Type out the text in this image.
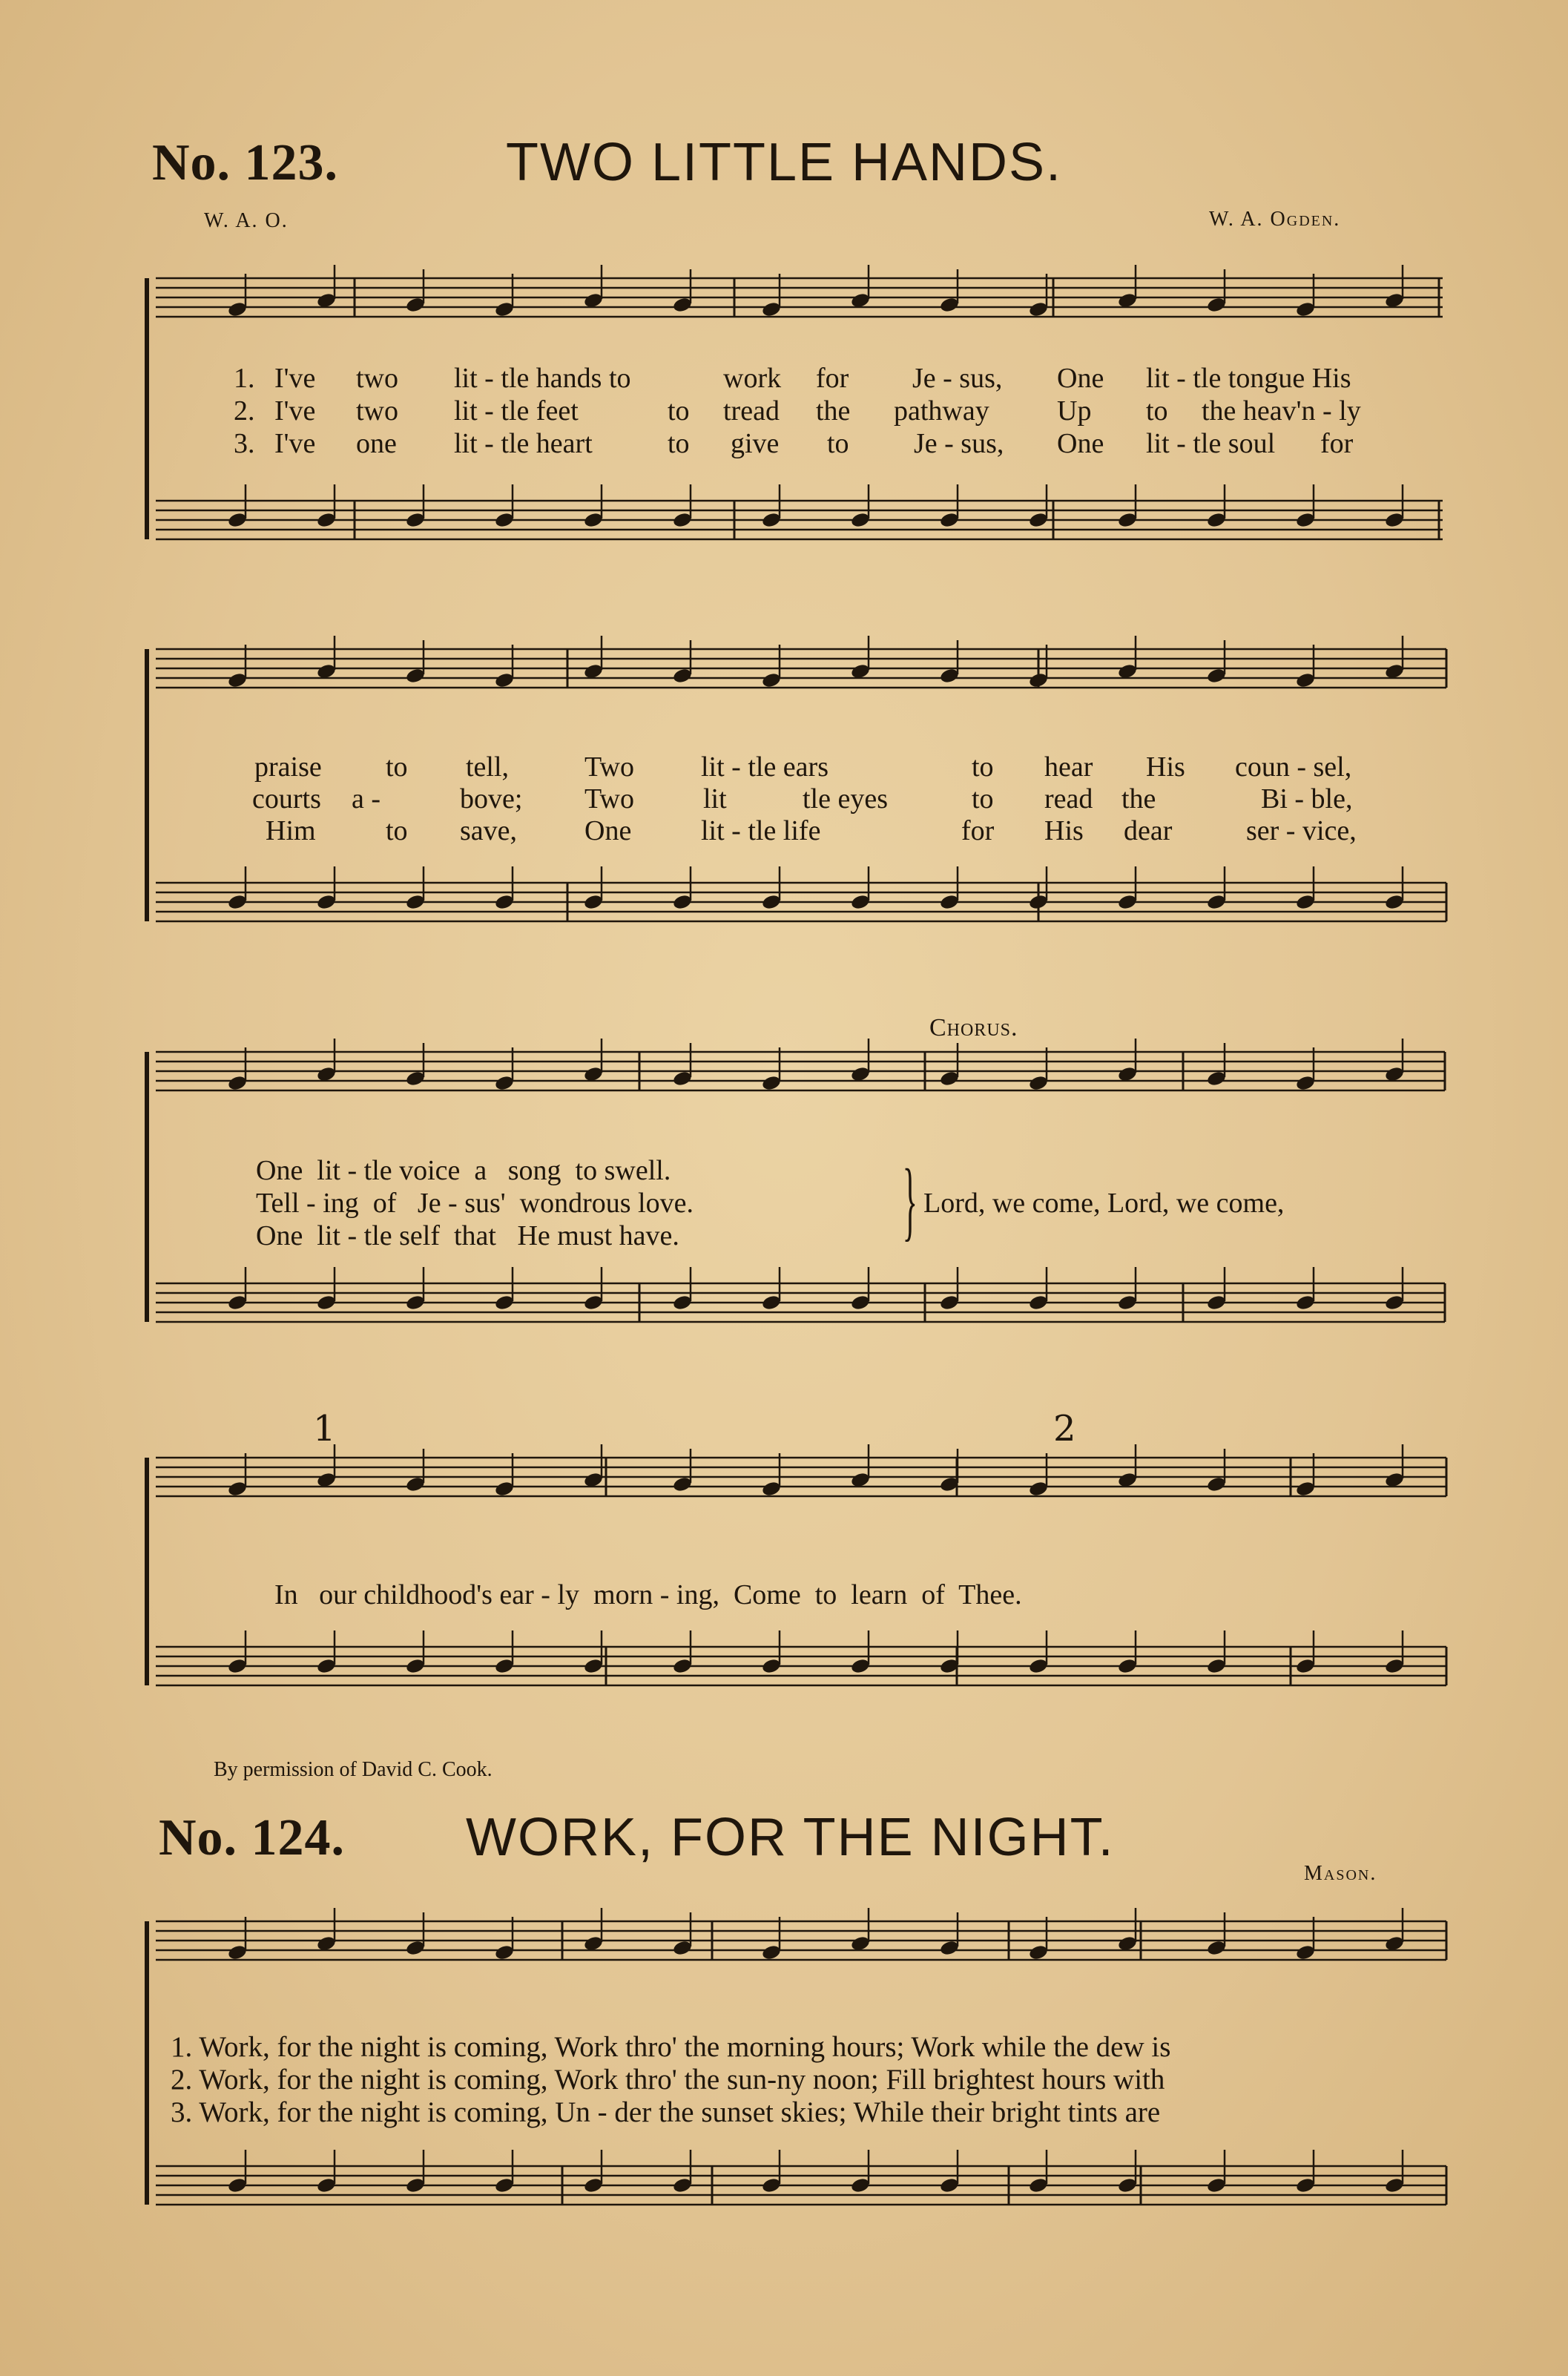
No. 123.	TWO LITTLE HANDS.
W. A. O.	W. A. Ogden.
1. I've two lit - tle hands to	work for Je - sus, One lit - tle tongue His
2. I've two lit - tle feet	to tread the pathway Up to the heav'n - ly
3. I've one lit - tle heart	to give to Je - sus, One lit - tle soul for
praise to tell,	Two lit - tle ears	to hear His coun - sel,
courts a -	bove; Two lit	tle eyes	to read the	Bi - ble,
Him to save, One lit - tle life	for His dear	ser - vice,
Chorus.
One  lit - tle voice  a   song  to swell.
Tell - ing  of   Je - sus'  wondrous love.
One  lit - tle self  that   He must have.	} Lord, we come, Lord, we come,
1	2
In   our childhood's ear - ly  morn - ing,  Come  to  learn  of  Thee.
By permission of David C. Cook.
No. 124. WORK, FOR THE NIGHT.
Mason.
1. Work, for the night is coming, Work thro' the morning hours; Work while the dew is
2. Work, for the night is coming, Work thro' the sun-ny noon; Fill brightest hours with
3. Work, for the night is coming, Un - der the sunset skies; While their bright tints are
